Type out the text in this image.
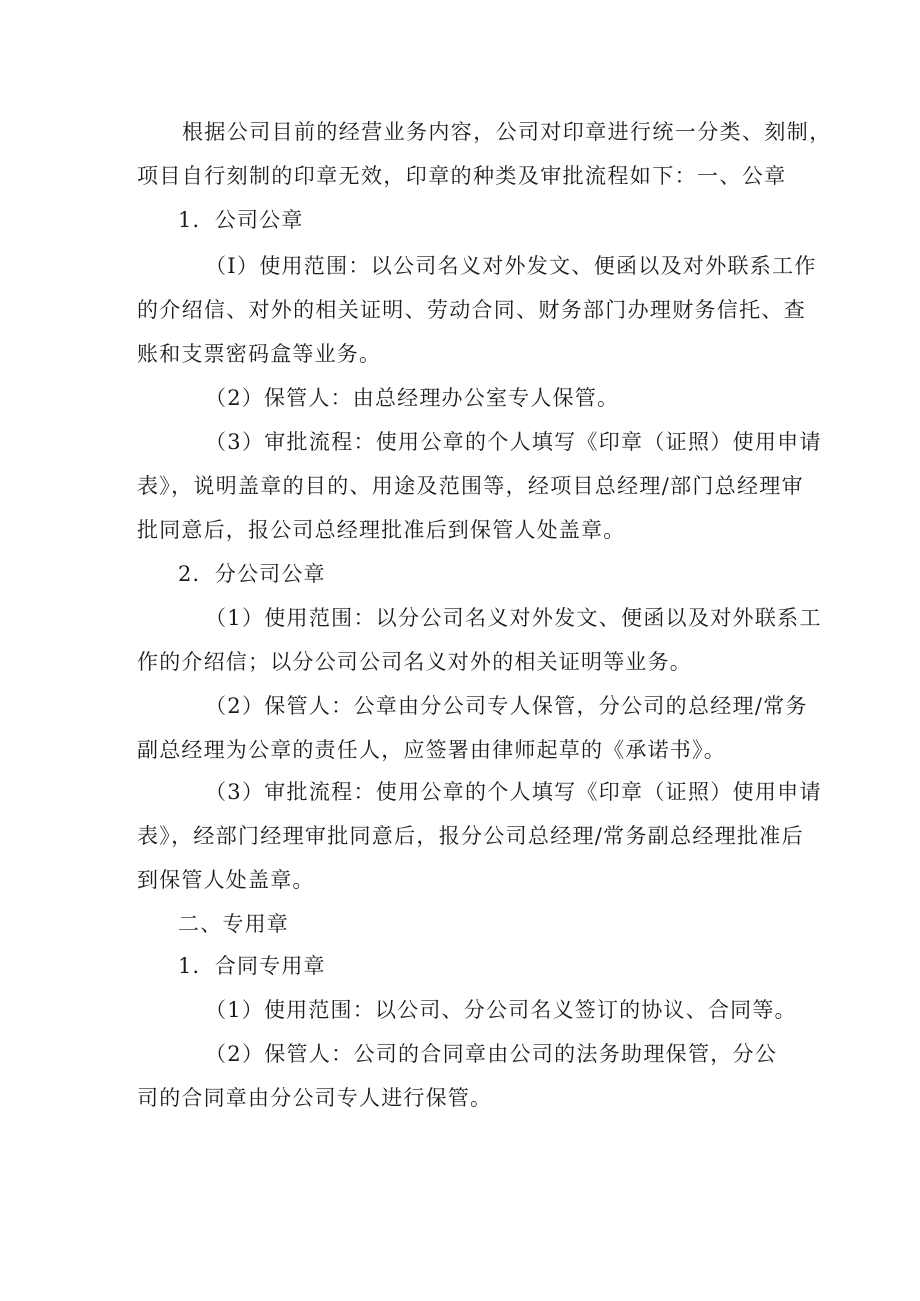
根据公司目前的经营业务内容，公司对印章进行统一分类、刻制，
项目自行刻制的印章无效，印章的种类及审批流程如下：一、公章
1．公司公章
（I）使用范围：以公司名义对外发文、便函以及对外联系工作
的介绍信、对外的相关证明、劳动合同、财务部门办理财务信托、查
账和支票密码盒等业务。
（2）保管人：由总经理办公室专人保管。
（3）审批流程：使用公章的个人填写《印章（证照）使用申请
表》，说明盖章的目的、用途及范围等，经项目总经理/部门总经理审
批同意后，报公司总经理批准后到保管人处盖章。
2．分公司公章
（1）使用范围：以分公司名义对外发文、便函以及对外联系工
作的介绍信；以分公司公司名义对外的相关证明等业务。
（2）保管人：公章由分公司专人保管，分公司的总经理/常务
副总经理为公章的责任人，应签署由律师起草的《承诺书》。
（3）审批流程：使用公章的个人填写《印章（证照）使用申请
表》，经部门经理审批同意后，报分公司总经理/常务副总经理批准后
到保管人处盖章。
二、专用章
1．合同专用章
（1）使用范围：以公司、分公司名义签订的协议、合同等。
（2）保管人：公司的合同章由公司的法务助理保管，分公
司的合同章由分公司专人进行保管。
